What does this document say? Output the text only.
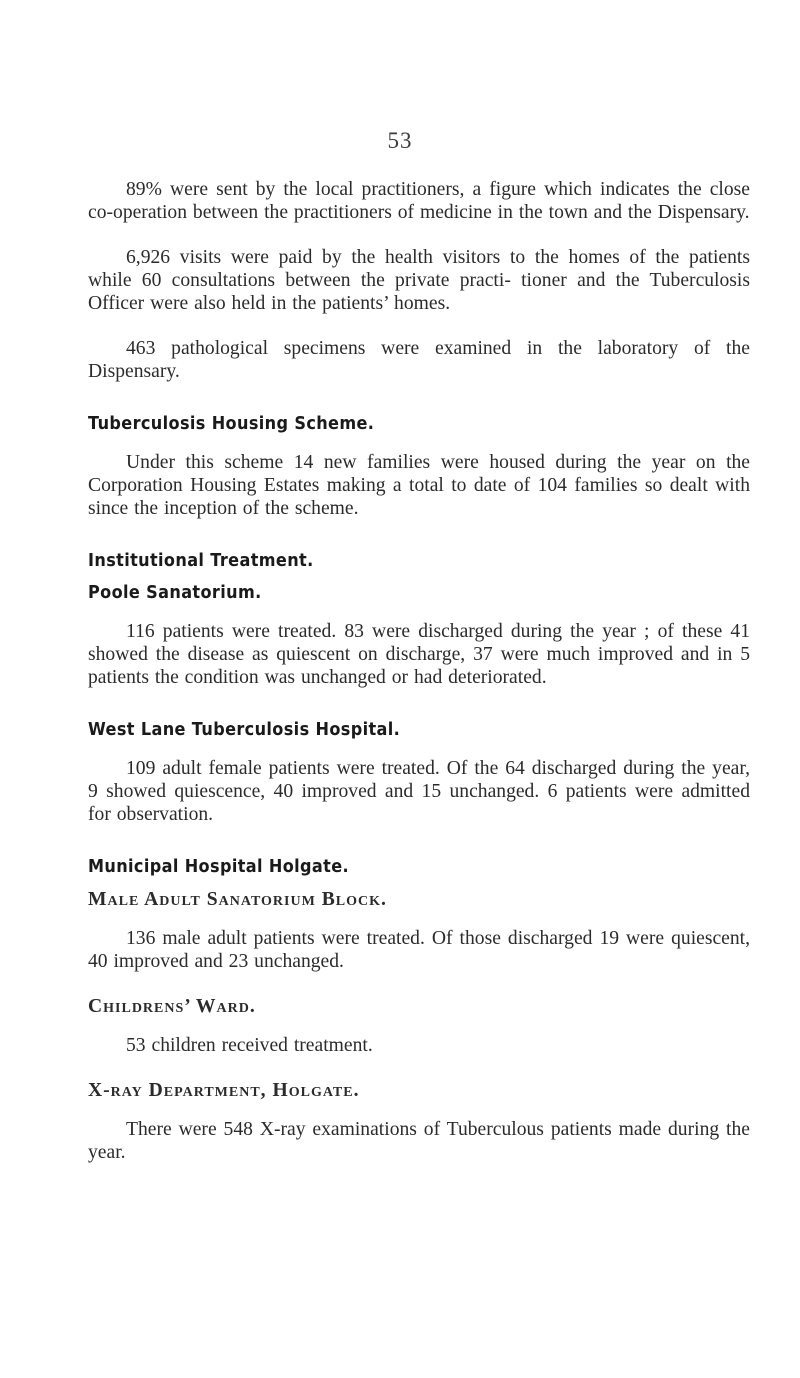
53

89% were sent by the local practitioners, a figure which indicates the close co-operation between the practitioners of medicine in the town and the Dispensary.

6,926 visits were paid by the health visitors to the homes of the patients while 60 consultations between the private practi- tioner and the Tuberculosis Officer were also held in the patients’ homes.

463 pathological specimens were examined in the laboratory of the Dispensary.

Tuberculosis Housing Scheme.

Under this scheme 14 new families were housed during the year on the Corporation Housing Estates making a total to date of 104 families so dealt with since the inception of the scheme.

Institutional Treatment.
Poole Sanatorium.

116 patients were treated. 83 were discharged during the year ; of these 41 showed the disease as quiescent on discharge, 37 were much improved and in 5 patients the condition was unchanged or had deteriorated.

West Lane Tuberculosis Hospital.

109 adult female patients were treated. Of the 64 discharged during the year, 9 showed quiescence, 40 improved and 15 unchanged. 6 patients were admitted for observation.

Municipal Hospital Holgate.
Male Adult Sanatorium Block.

136 male adult patients were treated. Of those discharged 19 were quiescent, 40 improved and 23 unchanged.

Childrens’ Ward.

53 children received treatment.

X-ray Department, Holgate.

There were 548 X-ray examinations of Tuberculous patients made during the year.
